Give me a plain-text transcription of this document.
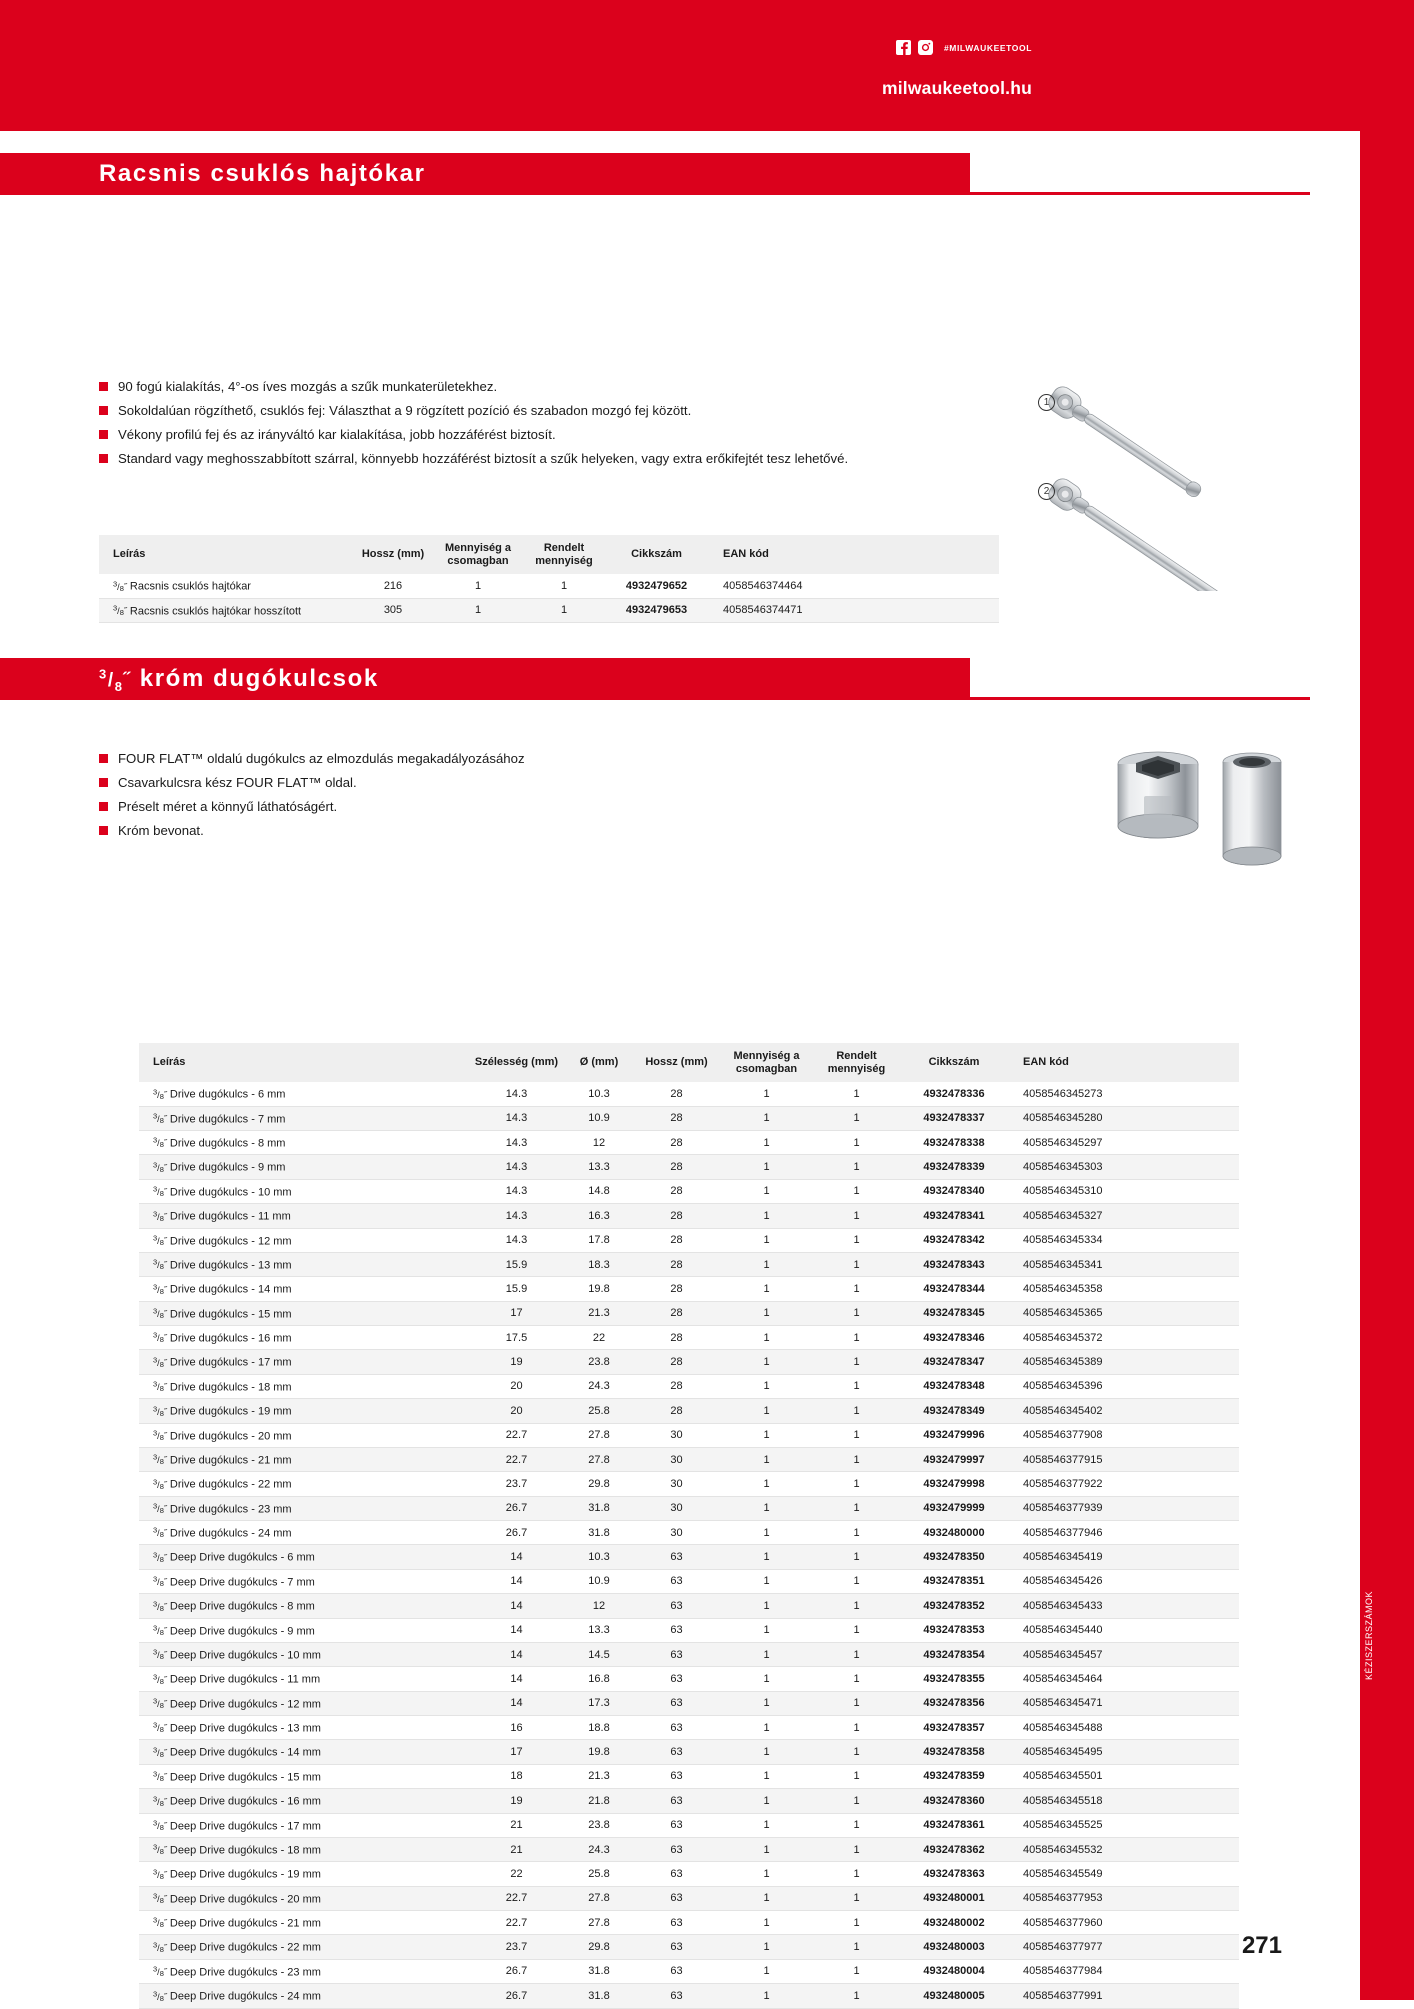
#MILWAUKEETOOL
milwaukeetool.hu
KÉZISZERSZÁMOK
Racsnis csuklós hajtókar
90 fogú kialakítás, 4°-os íves mozgás a szűk munkaterületekhez.
Sokoldalúan rögzíthető, csuklós fej: Választhat a 9 rögzített pozíció és szabadon mozgó fej között.
Vékony profilú fej és az irányváltó kar kialakítása, jobb hozzáférést biztosít.
Standard vagy meghosszabbított szárral, könnyebb hozzáférést biztosít a szűk helyeken, vagy extra erőkifejtét tesz lehetővé.
1
2
Leírás	Hossz (mm)	Mennyiség a csomagban	Rendelt mennyiség	Cikkszám	EAN kód
$^3/_8˝$ Racsnis csuklós hajtókar	216	1	1	4932479652	4058546374464
$^3/_8˝$ Racsnis csuklós hajtókar hosszított	305	1	1	4932479653	4058546374471
$^3/_8˝$ króm dugókulcsok
FOUR FLAT™ oldalú dugókulcs az elmozdulás megakadályozásához
Csavarkulcsra kész FOUR FLAT™ oldal.
Préselt méret a könnyű láthatóságért.
Króm bevonat.
Leírás	Szélesség (mm)	Ø (mm)	Hossz (mm)	Mennyiség a csomagban	Rendelt mennyiség	Cikkszám	EAN kód
$^3/_8˝$ Drive dugókulcs - 6 mm	14.3	10.3	28	1	1	4932478336	4058546345273
$^3/_8˝$ Drive dugókulcs - 7 mm	14.3	10.9	28	1	1	4932478337	4058546345280
$^3/_8˝$ Drive dugókulcs - 8 mm	14.3	12	28	1	1	4932478338	4058546345297
$^3/_8˝$ Drive dugókulcs - 9 mm	14.3	13.3	28	1	1	4932478339	4058546345303
$^3/_8˝$ Drive dugókulcs - 10 mm	14.3	14.8	28	1	1	4932478340	4058546345310
$^3/_8˝$ Drive dugókulcs - 11 mm	14.3	16.3	28	1	1	4932478341	4058546345327
$^3/_8˝$ Drive dugókulcs - 12 mm	14.3	17.8	28	1	1	4932478342	4058546345334
$^3/_8˝$ Drive dugókulcs - 13 mm	15.9	18.3	28	1	1	4932478343	4058546345341
$^3/_8˝$ Drive dugókulcs - 14 mm	15.9	19.8	28	1	1	4932478344	4058546345358
$^3/_8˝$ Drive dugókulcs - 15 mm	17	21.3	28	1	1	4932478345	4058546345365
$^3/_8˝$ Drive dugókulcs - 16 mm	17.5	22	28	1	1	4932478346	4058546345372
$^3/_8˝$ Drive dugókulcs - 17 mm	19	23.8	28	1	1	4932478347	4058546345389
$^3/_8˝$ Drive dugókulcs - 18 mm	20	24.3	28	1	1	4932478348	4058546345396
$^3/_8˝$ Drive dugókulcs - 19 mm	20	25.8	28	1	1	4932478349	4058546345402
$^3/_8˝$ Drive dugókulcs - 20 mm	22.7	27.8	30	1	1	4932479996	4058546377908
$^3/_8˝$ Drive dugókulcs - 21 mm	22.7	27.8	30	1	1	4932479997	4058546377915
$^3/_8˝$ Drive dugókulcs - 22 mm	23.7	29.8	30	1	1	4932479998	4058546377922
$^3/_8˝$ Drive dugókulcs - 23 mm	26.7	31.8	30	1	1	4932479999	4058546377939
$^3/_8˝$ Drive dugókulcs - 24 mm	26.7	31.8	30	1	1	4932480000	4058546377946
$^3/_8˝$ Deep Drive dugókulcs - 6 mm	14	10.3	63	1	1	4932478350	4058546345419
$^3/_8˝$ Deep Drive dugókulcs - 7 mm	14	10.9	63	1	1	4932478351	4058546345426
$^3/_8˝$ Deep Drive dugókulcs - 8 mm	14	12	63	1	1	4932478352	4058546345433
$^3/_8˝$ Deep Drive dugókulcs - 9 mm	14	13.3	63	1	1	4932478353	4058546345440
$^3/_8˝$ Deep Drive dugókulcs - 10 mm	14	14.5	63	1	1	4932478354	4058546345457
$^3/_8˝$ Deep Drive dugókulcs - 11 mm	14	16.8	63	1	1	4932478355	4058546345464
$^3/_8˝$ Deep Drive dugókulcs - 12 mm	14	17.3	63	1	1	4932478356	4058546345471
$^3/_8˝$ Deep Drive dugókulcs - 13 mm	16	18.8	63	1	1	4932478357	4058546345488
$^3/_8˝$ Deep Drive dugókulcs - 14 mm	17	19.8	63	1	1	4932478358	4058546345495
$^3/_8˝$ Deep Drive dugókulcs - 15 mm	18	21.3	63	1	1	4932478359	4058546345501
$^3/_8˝$ Deep Drive dugókulcs - 16 mm	19	21.8	63	1	1	4932478360	4058546345518
$^3/_8˝$ Deep Drive dugókulcs - 17 mm	21	23.8	63	1	1	4932478361	4058546345525
$^3/_8˝$ Deep Drive dugókulcs - 18 mm	21	24.3	63	1	1	4932478362	4058546345532
$^3/_8˝$ Deep Drive dugókulcs - 19 mm	22	25.8	63	1	1	4932478363	4058546345549
$^3/_8˝$ Deep Drive dugókulcs - 20 mm	22.7	27.8	63	1	1	4932480001	4058546377953
$^3/_8˝$ Deep Drive dugókulcs - 21 mm	22.7	27.8	63	1	1	4932480002	4058546377960
$^3/_8˝$ Deep Drive dugókulcs - 22 mm	23.7	29.8	63	1	1	4932480003	4058546377977
$^3/_8˝$ Deep Drive dugókulcs - 23 mm	26.7	31.8	63	1	1	4932480004	4058546377984
$^3/_8˝$ Deep Drive dugókulcs - 24 mm	26.7	31.8	63	1	1	4932480005	4058546377991
271
